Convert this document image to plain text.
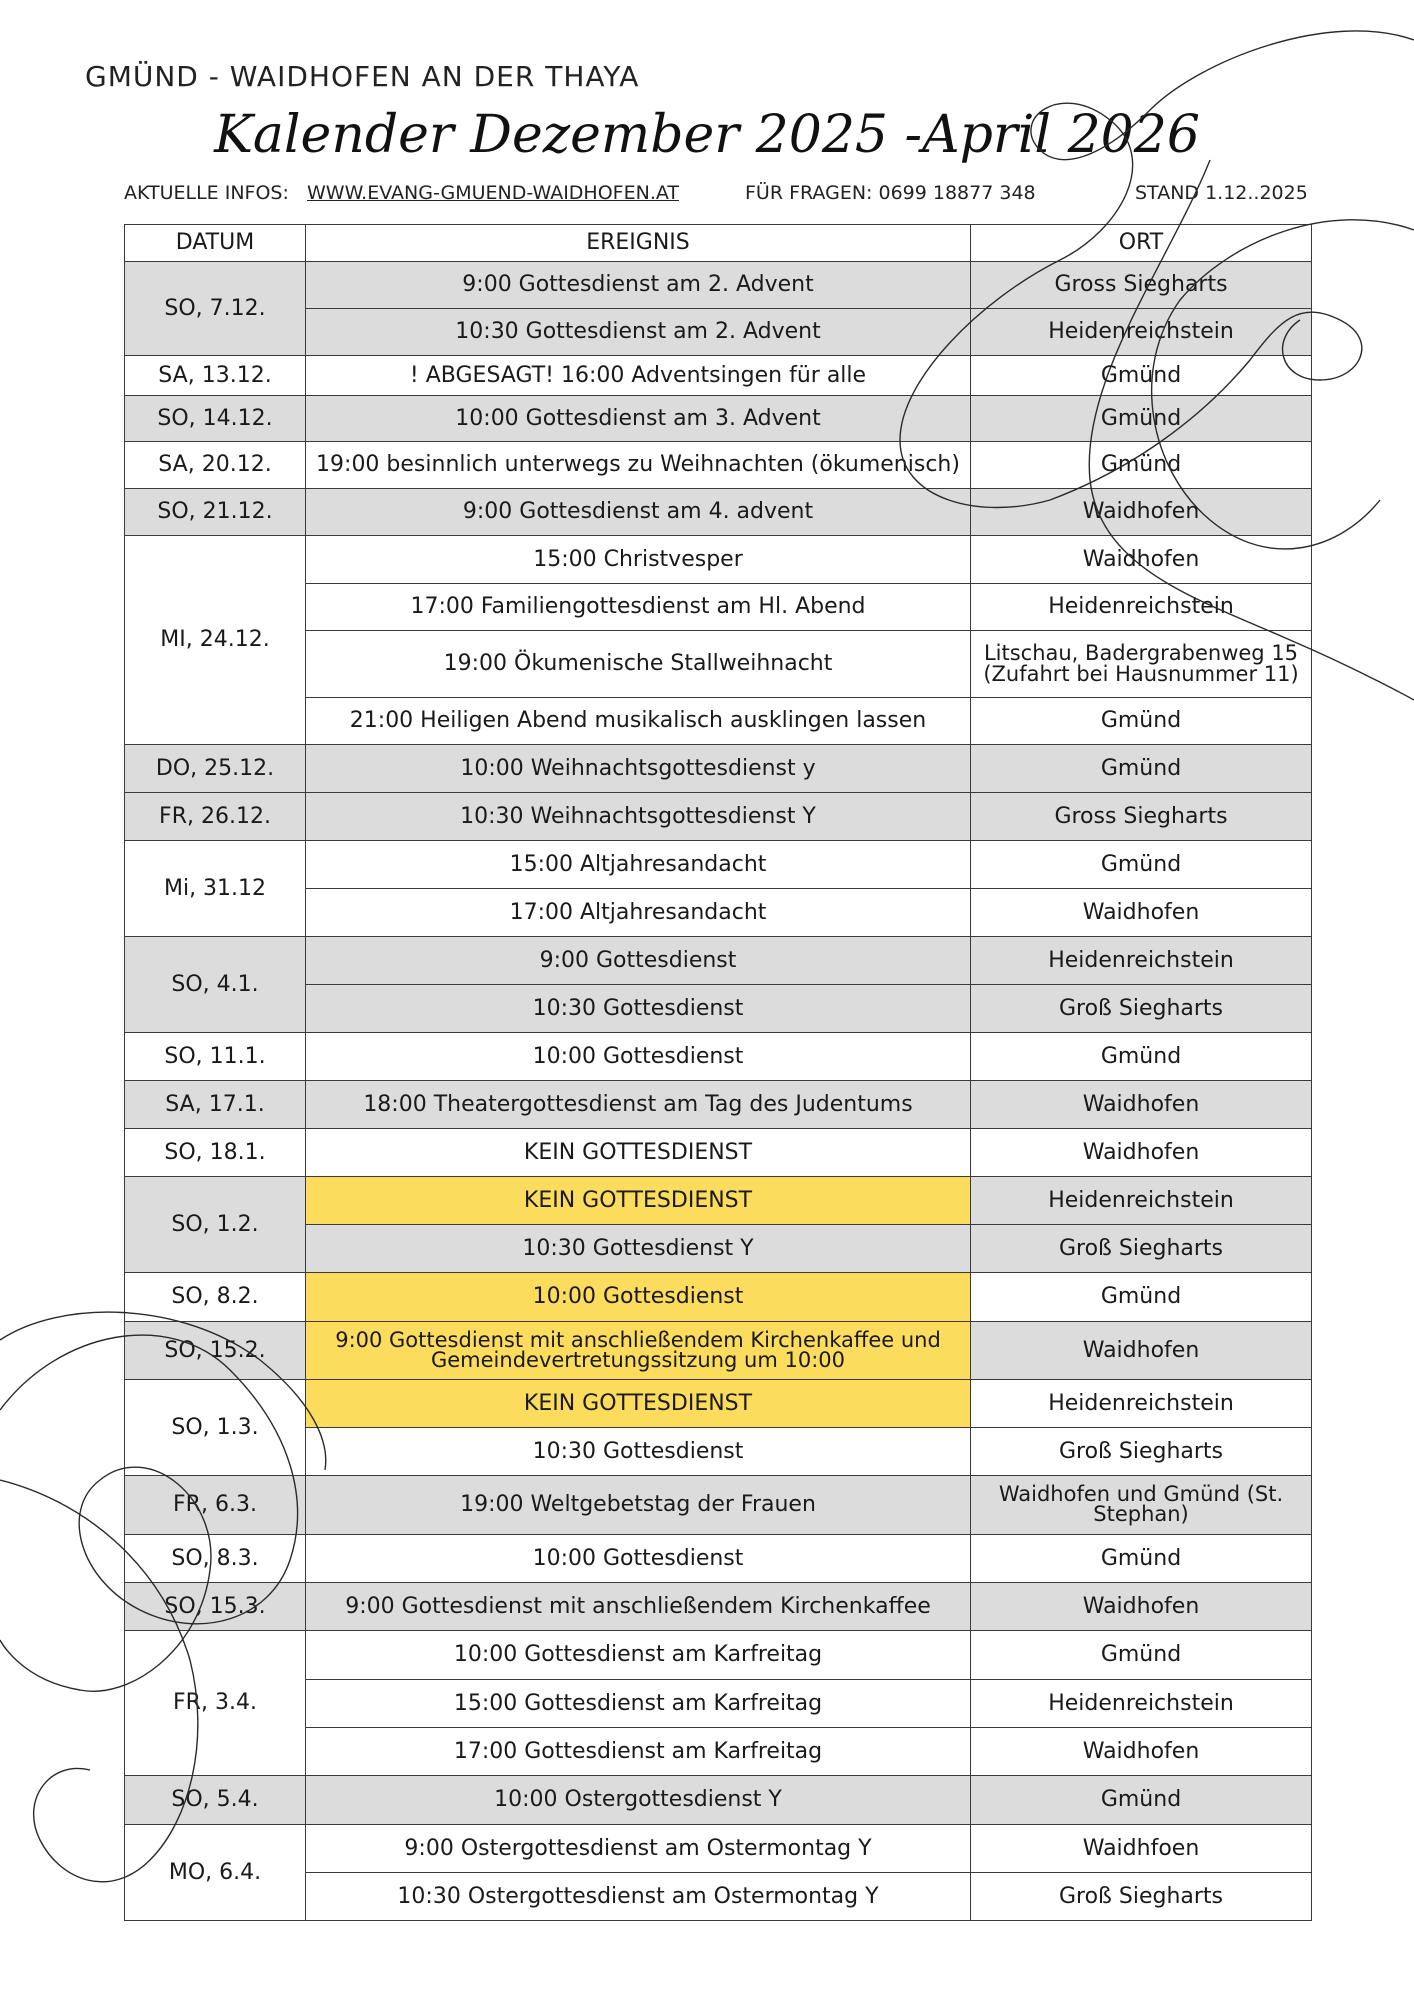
GMÜND - WAIDHOFEN AN DER THAYA
Kalender Dezember 2025 -April 2026
AKTUELLE INFOS: WWW.EVANG-GMUEND-WAIDHOFEN.AT	FÜR FRAGEN: 0699 18877 348	STAND 1.12..2025
DATUM	EREIGNIS	ORT
SO, 7.12.	9:00 Gottesdienst am 2. Advent	Gross Sieghart​s
	10:30 Gottesdienst am 2. Advent	Heidenreichstein
SA, 13.12.	! ABGESAGT! 16:00 Adventsingen für alle	Gmünd
SO, 14.12.	10:00 Gottesdienst am 3. Advent	Gmünd
SA, 20.12.	19:00 besinnlich unterwegs zu Weihnachten (ökumenisch)	Gmünd
SO, 21.12.	9:00 Gottesdienst am 4. advent	Waidhofen
MI, 24.12.	15:00 Christvesper	Waidhofen
	17:00 Familiengottesdienst am Hl. Abend	Heidenreichstein
	19:00 Ökumenische Stallweihnacht	Litschau, Badergrabenweg 15 (Zufahrt bei Hausnummer 11)
	21:00 Heiligen Abend musikalisch ausklingen lassen	Gmünd
DO, 25.12.	10:00 Weihnachtsgottesdienst y	Gmünd
FR, 26.12.	10:30 Weihnachtsgottesdienst Y	Gross Siegharts
Mi, 31.12	15:00 Altjahresandacht	Gmünd
	17:00 Altjahresandacht	Waidhofen
SO, 4.1.	9:00 Gottesdienst	Heidenreichstein
	10:30 Gottesdienst	Groß Siegharts
SO, 11.1.	10:00 Gottesdienst	Gmünd
SA, 17.1.	18:00 Theatergottesdienst am Tag des Judentums	Waidhofen
SO, 18.1.	KEIN GOTTESDIENST	Waidhofen
SO, 1.2.	KEIN GOTTESDIENST	Heidenreichstein
	10:30 Gottesdienst Y	Groß Siegharts
SO, 8.2.	10:00 Gottesdienst	Gmünd
SO, 15.2.	9:00 Gottesdienst mit anschließendem Kirchenkaffee und Gemeindevertretungssitzung um 10:00	Waidhofen
SO, 1.3.	KEIN GOTTESDIENST	Heidenreichstein
	10:30 Gottesdienst	Groß Siegharts
FR, 6.3.	19:00 Weltgebetstag der Frauen	Waidhofen und Gmünd (St. Stephan)
SO, 8.3.	10:00 Gottesdienst	Gmünd
SO, 15.3.	9:00 Gottesdienst mit anschließendem Kirchenkaffee	Waidhofen
FR, 3.4.	10:00 Gottesdienst am Karfreitag	Gmünd
	15:00 Gottesdienst am Karfreitag	Heidenreichstein
	17:00 Gottesdienst am Karfreitag	Waidhofen
SO, 5.4.	10:00 Ostergottesdienst Y	Gmünd
MO, 6.4.	9:00 Ostergottesdienst am Ostermontag Y	Waidhfoen
	10:30 Ostergottesdienst am Ostermontag Y	Groß Siegharts
